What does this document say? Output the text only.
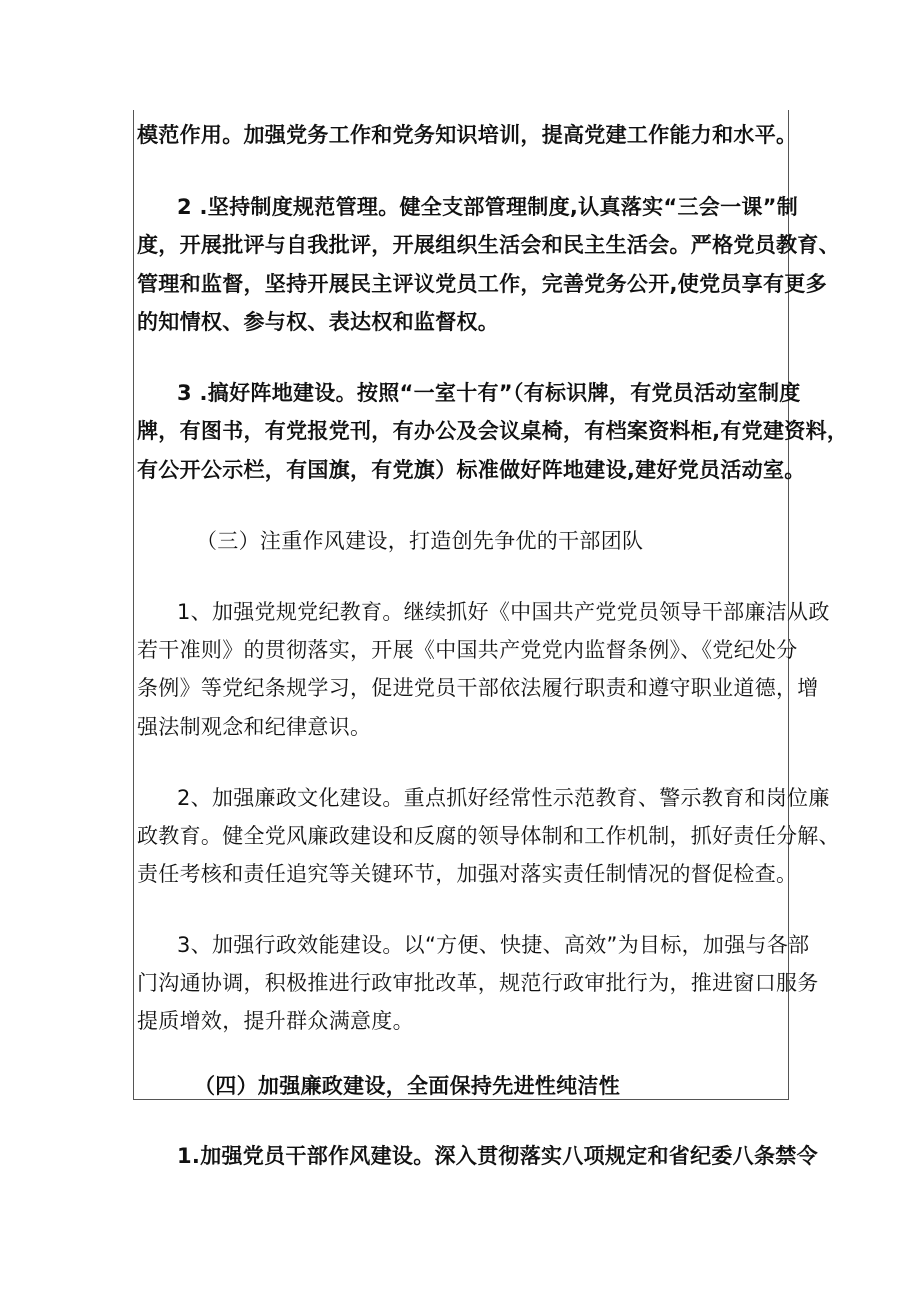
模范作用。加强党务工作和党务知识培训，提高党建工作能力和水平。
2 .坚持制度规范管理。健全支部管理制度,认真落实“三会一课”制
度，开展批评与自我批评，开展组织生活会和民主生活会。严格党员教育、
管理和监督，坚持开展民主评议党员工作，完善党务公开,使党员享有更多
的知情权、参与权、表达权和监督权。
3 .搞好阵地建设。按照“一室十有”（有标识牌，有党员活动室制度
牌，有图书，有党报党刊，有办公及会议桌椅，有档案资料柜,有党建资料，
有公开公示栏，有国旗，有党旗）标准做好阵地建设,建好党员活动室。
（三）注重作风建设，打造创先争优的干部团队
1、加强党规党纪教育。继续抓好《中国共产党党员领导干部廉洁从政
若干准则》的贯彻落实，开展《中国共产党党内监督条例》、《党纪处分
条例》等党纪条规学习，促进党员干部依法履行职责和遵守职业道德，增
强法制观念和纪律意识。
2、加强廉政文化建设。重点抓好经常性示范教育、警示教育和岗位廉
政教育。健全党风廉政建设和反腐的领导体制和工作机制，抓好责任分解、
责任考核和责任追究等关键环节，加强对落实责任制情况的督促检查。
3、加强行政效能建设。以“方便、快捷、高效”为目标，加强与各部
门沟通协调，积极推进行政审批改革，规范行政审批行为，推进窗口服务
提质增效，提升群众满意度。
（四）加强廉政建设，全面保持先进性纯洁性
1.加强党员干部作风建设。深入贯彻落实八项规定和省纪委八条禁令
